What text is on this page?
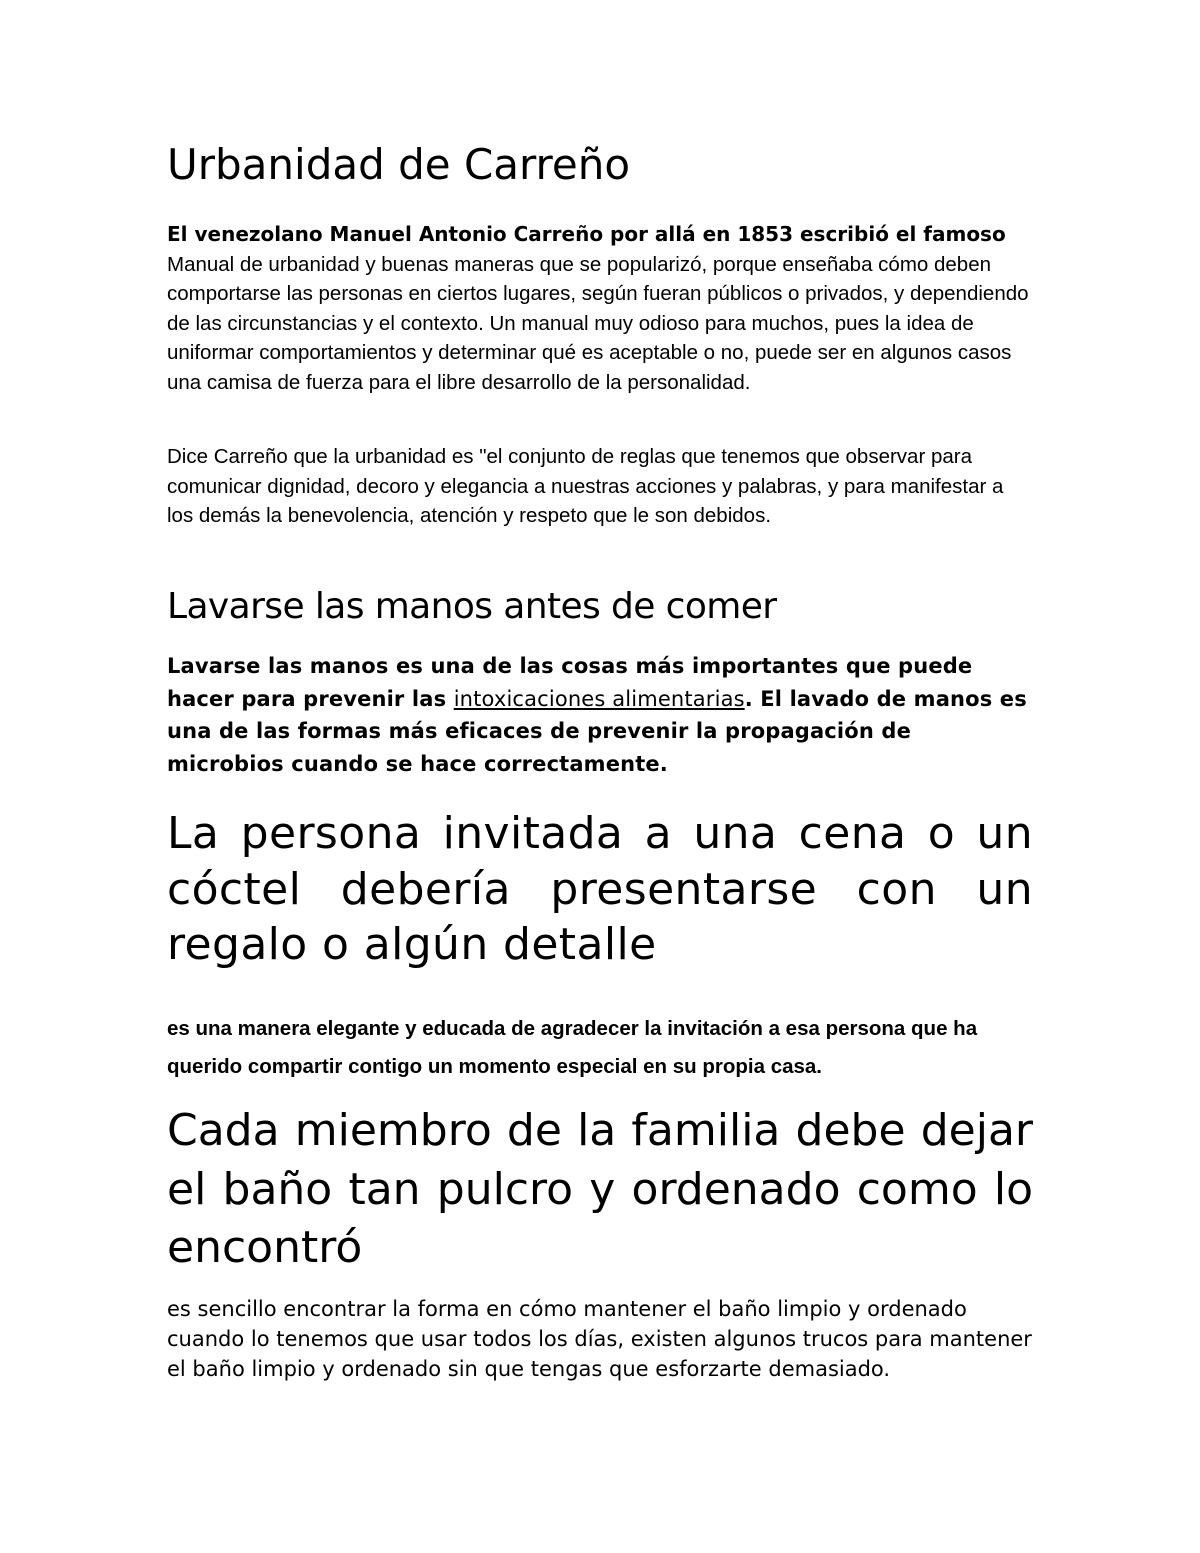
Urbanidad de Carreño

El venezolano Manuel Antonio Carreño por allá en 1853 escribió el famoso Manual de urbanidad y buenas maneras que se popularizó, porque enseñaba cómo deben comportarse las personas en ciertos lugares, según fueran públicos o privados, y dependiendo de las circunstancias y el contexto. Un manual muy odioso para muchos, pues la idea de uniformar comportamientos y determinar qué es aceptable o no, puede ser en algunos casos una camisa de fuerza para el libre desarrollo de la personalidad.

Dice Carreño que la urbanidad es "el conjunto de reglas que tenemos que observar para comunicar dignidad, decoro y elegancia a nuestras acciones y palabras, y para manifestar a los demás la benevolencia, atención y respeto que le son debidos.

Lavarse las manos antes de comer

Lavarse las manos es una de las cosas más importantes que puede hacer para prevenir las intoxicaciones alimentarias. El lavado de manos es una de las formas más eficaces de prevenir la propagación de microbios cuando se hace correctamente.

La persona invitada a una cena o un cóctel debería presentarse con un regalo o algún detalle

es una manera elegante y educada de agradecer la invitación a esa persona que ha querido compartir contigo un momento especial en su propia casa.

Cada miembro de la familia debe dejar el baño tan pulcro y ordenado como lo encontró

es sencillo encontrar la forma en cómo mantener el baño limpio y ordenado cuando lo tenemos que usar todos los días, existen algunos trucos para mantener el baño limpio y ordenado sin que tengas que esforzarte demasiado.
